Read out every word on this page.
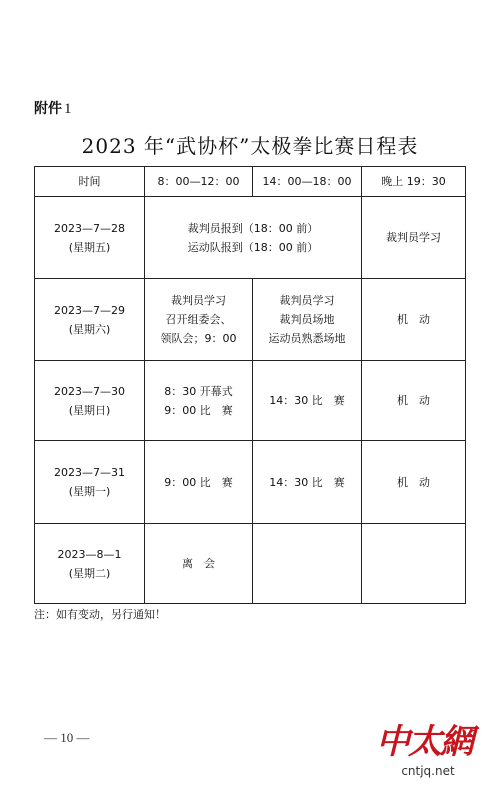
附件 1
2023 年“武协杯”太极拳比赛日程表
时间	8：00—12：00	14：00—18：00	晚上 19：30

2023—7—28
(星期五)	裁判员报到（18：00 前）
运动队报到（18：00 前）		裁判员学习

2023—7—29
(星期六)	裁判员学习
召开组委会、
领队会；9：00	裁判员学习
裁判员场地
运动员熟悉场地	机　动

2023—7—30
(星期日)	8：30 开幕式
9：00 比　赛	14：30 比　赛	机　动

2023—7—31
(星期一)	9：00 比　赛	14：30 比　赛	机　动

2023—8—1
(星期二)	离　会		

注：如有变动，另行通知！
— 10 —	中太網
cntjq.net
